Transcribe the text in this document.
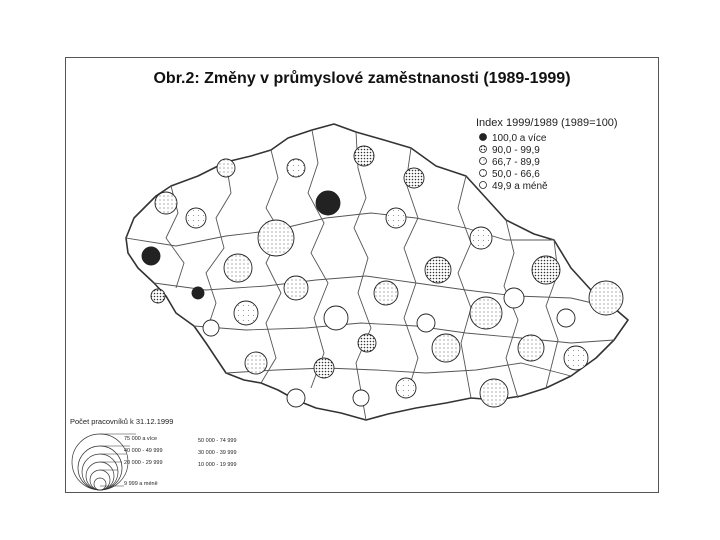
Obr.2: Změny v průmyslové zaměstnanosti (1989-1999)
Index 1999/1989 (1989=100)
100,0 a více
90,0 - 99,9
66,7 - 89,9
50,0 - 66,6
49,9 a méně
Počet pracovníků k 31.12.1999
75 000 a více	50 000 - 74 999
40 000 - 49 999	30 000 - 39 999
20 000 - 29 999	10 000 - 19 999
9 999 a méně
